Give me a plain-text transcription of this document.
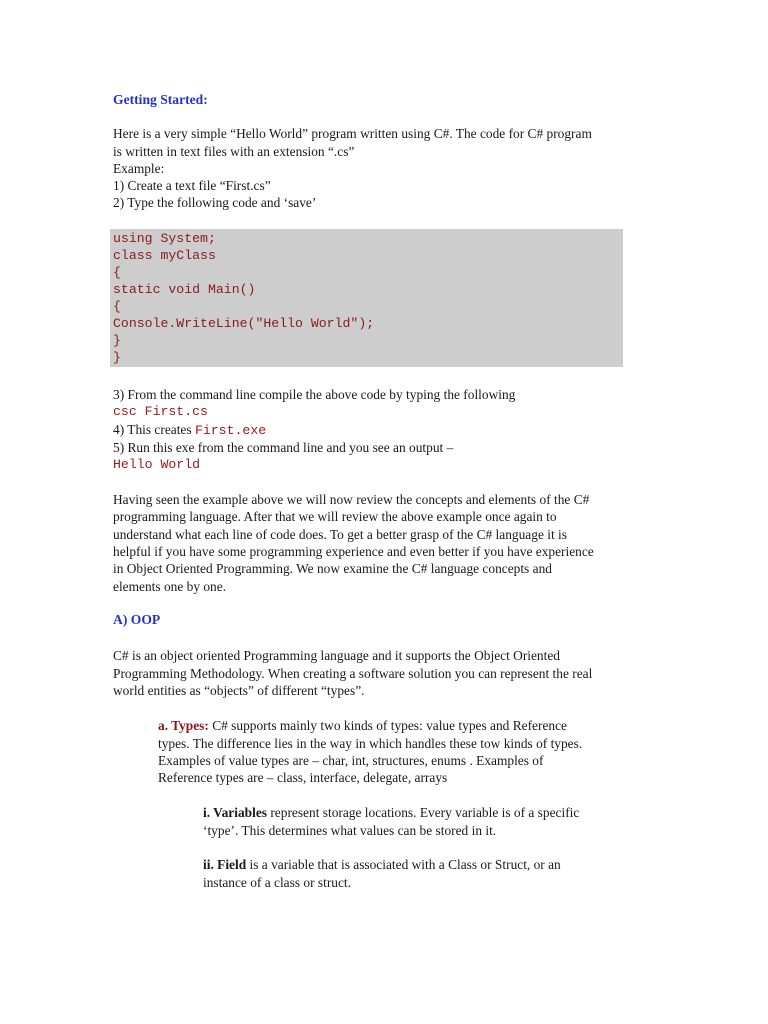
Getting Started:
Here is a very simple “Hello World” program written using C#. The code for C# program
is written in text files with an extension “.cs”
Example:
1) Create a text file “First.cs”
2) Type the following code and ‘save’
using System;
class myClass
{
static void Main()
{
Console.WriteLine("Hello World");
}
}
3) From the command line compile the above code by typing the following
csc First.cs
4) This creates First.exe
5) Run this exe from the command line and you see an output –
Hello World
Having seen the example above we will now review the concepts and elements of the C#
programming language. After that we will review the above example once again to
understand what each line of code does. To get a better grasp of the C# language it is
helpful if you have some programming experience and even better if you have experience
in Object Oriented Programming. We now examine the C# language concepts and
elements one by one.
A) OOP
C# is an object oriented Programming language and it supports the Object Oriented
Programming Methodology. When creating a software solution you can represent the real
world entities as “objects” of different “types”.
a. Types: C# supports mainly two kinds of types: value types and Reference
types. The difference lies in the way in which handles these tow kinds of types.
Examples of value types are – char, int, structures, enums . Examples of
Reference types are – class, interface, delegate, arrays
i. Variables represent storage locations. Every variable is of a specific
‘type’. This determines what values can be stored in it.
ii. Field is a variable that is associated with a Class or Struct, or an
instance of a class or struct.
